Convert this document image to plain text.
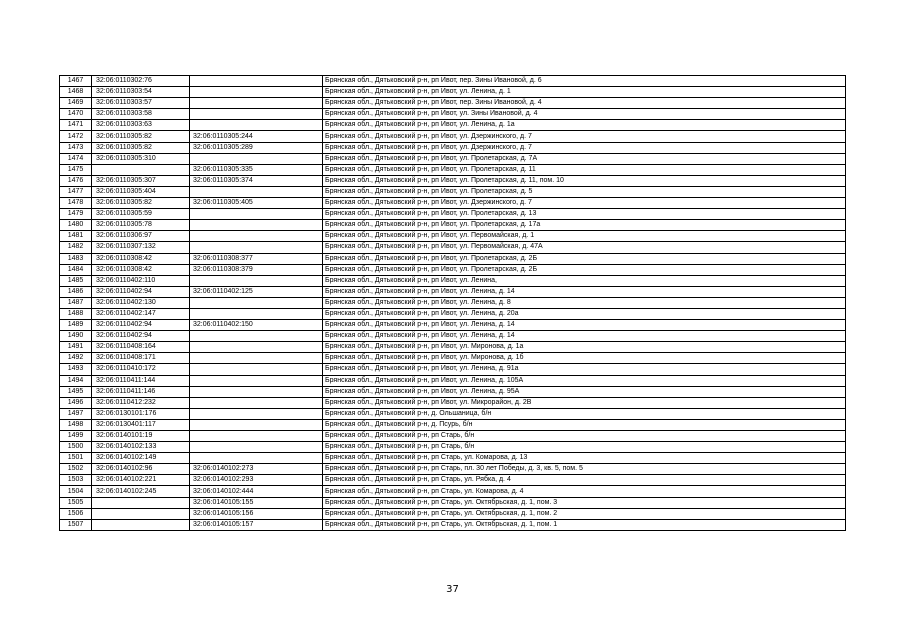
1467	32:06:0110302:76		Брянская обл., Дятьковский р-н, рп Ивот, пер. Зины Ивановой, д. 6
1468	32:06:0110303:54		Брянская обл., Дятьковский р-н, рп Ивот, ул. Ленина, д. 1
1469	32:06:0110303:57		Брянская обл., Дятьковский р-н, рп Ивот, пер. Зины Ивановой, д. 4
1470	32:06:0110303:58		Брянская обл., Дятьковский р-н, рп Ивот, ул. Зины Ивановой, д. 4
1471	32:06:0110303:63		Брянская обл., Дятьковский р-н, рп Ивот, ул. Ленина, д. 1а
1472	32:06:0110305:82	32:06:0110305:244	Брянская обл., Дятьковский р-н, рп Ивот, ул. Дзержинского, д. 7
1473	32:06:0110305:82	32:06:0110305:289	Брянская обл., Дятьковский р-н, рп Ивот, ул. Дзержинского, д. 7
1474	32:06:0110305:310		Брянская обл., Дятьковский р-н, рп Ивот, ул. Пролетарская, д. 7А
1475		32:06:0110305:335	Брянская обл., Дятьковский р-н, рп Ивот, ул. Пролетарская, д. 11
1476	32:06:0110305:307	32:06:0110305:374	Брянская обл., Дятьковский р-н, рп Ивот, ул. Пролетарская, д. 11, пом. 10
1477	32:06:0110305:404		Брянская обл., Дятьковский р-н, рп Ивот, ул. Пролетарская, д. 5
1478	32:06:0110305:82	32:06:0110305:405	Брянская обл., Дятьковский р-н, рп Ивот, ул. Дзержинского, д. 7
1479	32:06:0110305:59		Брянская обл., Дятьковский р-н, рп Ивот, ул. Пролетарская, д. 13
1480	32:06:0110305:78		Брянская обл., Дятьковский р-н, рп Ивот, ул. Пролетарская, д. 17а
1481	32:06:0110306:97		Брянская обл., Дятьковский р-н, рп Ивот, ул. Первомайская, д. 1
1482	32:06:0110307:132		Брянская обл., Дятьковский р-н, рп Ивот, ул. Первомайская, д. 47А
1483	32:06:0110308:42	32:06:0110308:377	Брянская обл., Дятьковский р-н, рп Ивот, ул. Пролетарская, д. 2Б
1484	32:06:0110308:42	32:06:0110308:379	Брянская обл., Дятьковский р-н, рп Ивот, ул. Пролетарская, д. 2Б
1485	32:06:0110402:110		Брянская обл., Дятьковский р-н, рп Ивот, ул. Ленина,
1486	32:06:0110402:94	32:06:0110402:125	Брянская обл., Дятьковский р-н, рп Ивот, ул. Ленина, д. 14
1487	32:06:0110402:130		Брянская обл., Дятьковский р-н, рп Ивот, ул. Ленина, д. 8
1488	32:06:0110402:147		Брянская обл., Дятьковский р-н, рп Ивот, ул. Ленина, д. 20а
1489	32:06:0110402:94	32:06:0110402:150	Брянская обл., Дятьковский р-н, рп Ивот, ул. Ленина, д. 14
1490	32:06:0110402:94		Брянская обл., Дятьковский р-н, рп Ивот, ул. Ленина, д. 14
1491	32:06:0110408:164		Брянская обл., Дятьковский р-н, рп Ивот, ул. Миронова, д. 1а
1492	32:06:0110408:171		Брянская обл., Дятьковский р-н, рп Ивот, ул. Миронова, д. 1б
1493	32:06:0110410:172		Брянская обл., Дятьковский р-н, рп Ивот, ул. Ленина, д. 91а
1494	32:06:0110411:144		Брянская обл., Дятьковский р-н, рп Ивот, ул. Ленина, д. 105А
1495	32:06:0110411:146		Брянская обл., Дятьковский р-н, рп Ивот, ул. Ленина, д. 95А
1496	32:06:0110412:232		Брянская обл., Дятьковский р-н, рп Ивот, ул. Микрорайон, д. 2В
1497	32:06:0130101:176		Брянская обл., Дятьковский р-н, д. Ольшаница, б/н
1498	32:06:0130401:117		Брянская обл., Дятьковский р-н, д. Псурь, б/н
1499	32:06:0140101:19		Брянская обл., Дятьковский р-н, рп Старь, б/н
1500	32:06:0140102:133		Брянская обл., Дятьковский р-н, рп Старь, б/н
1501	32:06:0140102:149		Брянская обл., Дятьковский р-н, рп Старь, ул. Комарова, д. 13
1502	32:06:0140102:96	32:06:0140102:273	Брянская обл., Дятьковский р-н, рп Старь, пл. 30 лет Победы, д. 3, кв. 5, пом. 5
1503	32:06:0140102:221	32:06:0140102:293	Брянская обл., Дятьковский р-н, рп Старь, ул. Рябка, д. 4
1504	32:06:0140102:245	32:06:0140102:444	Брянская обл., Дятьковский р-н, рп Старь, ул. Комарова, д. 4
1505		32:06:0140105:155	Брянская обл., Дятьковский р-н, рп Старь, ул. Октябрьская, д. 1, пом. 3
1506		32:06:0140105:156	Брянская обл., Дятьковский р-н, рп Старь, ул. Октябрьская, д. 1, пом. 2
1507		32:06:0140105:157	Брянская обл., Дятьковский р-н, рп Старь, ул. Октябрьская, д. 1, пом. 1
37
